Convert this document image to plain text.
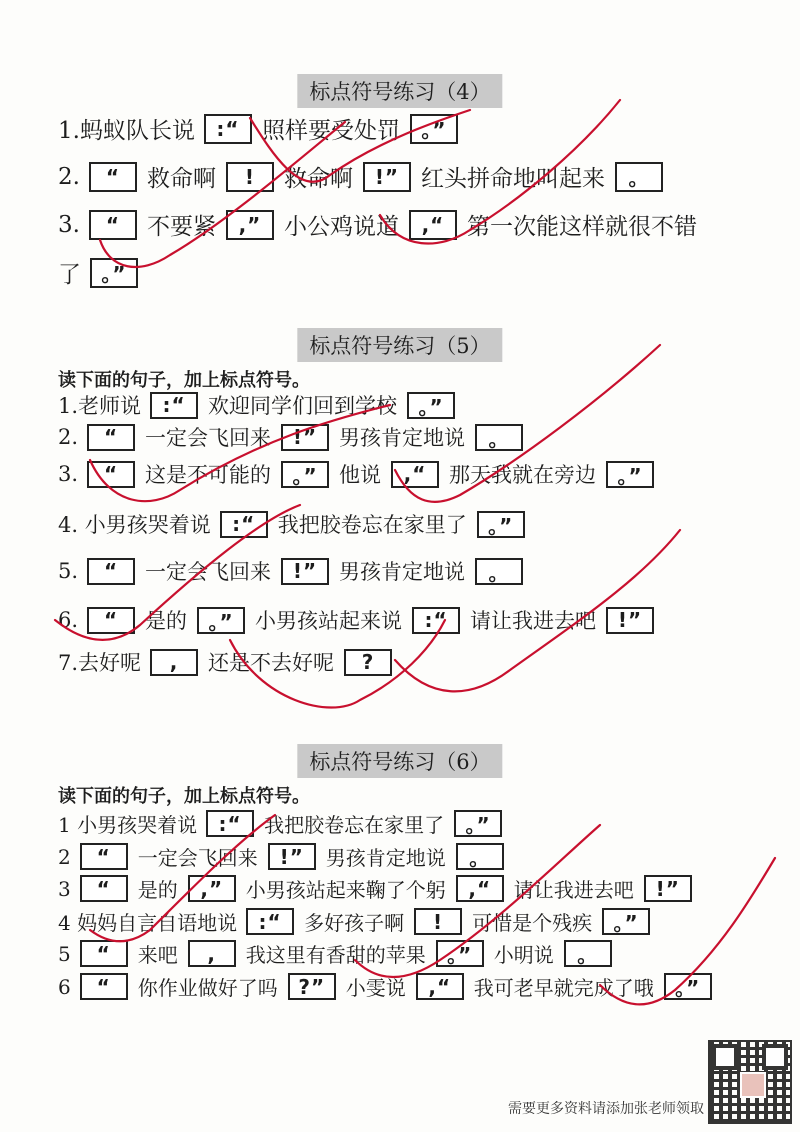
标点符号练习（4）
标点符号练习（5）
标点符号练习（6）
读下面的句子，加上标点符号。
读下面的句子，加上标点符号。
1.蚂蚁队长说	:“ 照样要受处罚	。”
2.	“	救命啊	!	救命啊	!” 红头拼命地叫起来	。
3.	“	不要紧	,” 小公鸡说道	,“ 第一次能这样就很不错
了	。”
1.老师说	:“	欢迎同学们回到学校	。”
2.	“	一定会飞回来	!”	男孩肯定地说	。
3.	“	这是不可能的	。”	他说	,“	那天我就在旁边	。”
4. 小男孩哭着说	:“	我把胶卷忘在家里了	。”
5.	“	一定会飞回来	!”	男孩肯定地说	。
6.	“	是的	。”	小男孩站起来说	:“	请让我进去吧	!”
7.去好呢	,	还是不去好呢	?
1 小男孩哭着说	:“	我把胶卷忘在家里了	。”
2	“	一定会飞回来	!”	男孩肯定地说	。
3	“	是的	,”	小男孩站起来鞠了个躬	,“	请让我进去吧	!”
4 妈妈自言自语地说	:“	多好孩子啊	!	可惜是个残疾	。”
5	“	来吧	,	我这里有香甜的苹果	。”	小明说	。
6	“	你作业做好了吗	?”	小雯说	,“	我可老早就完成了哦	。”
需要更多资料请添加张老师领取
